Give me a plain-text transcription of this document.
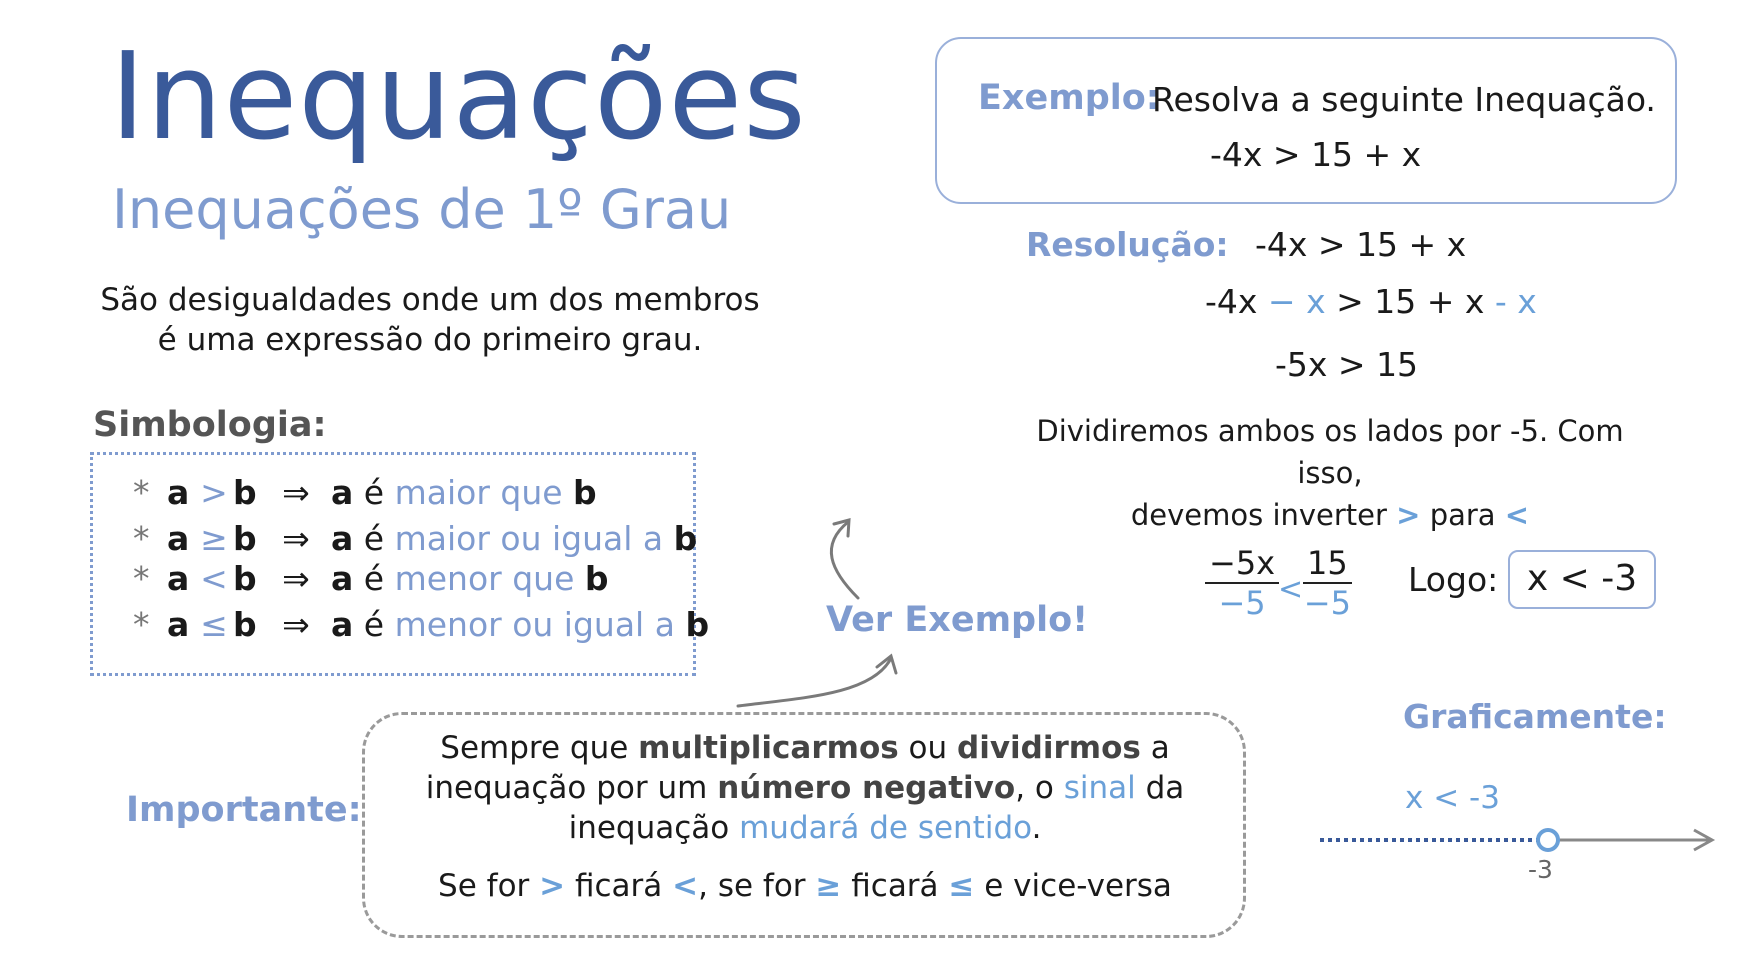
Inequações
Inequações de 1º Grau
São desigualdades onde um dos membros
é uma expressão do primeiro grau.
Simbologia:
* a > b ⇒ a é maior que b
* a ≥ b ⇒ a é maior ou igual a b
* a < b ⇒ a é menor que b
* a ≤ b ⇒ a é menor ou igual a b
Exemplo:
Resolva a seguinte Inequação.
-4x > 15 + x
Resolução: -4x > 15 + x
-4x − x > 15 + x - x
-5x > 15
Dividiremos ambos os lados por -5. Com isso,
devemos inverter > para <
$\frac{-5x}{-5}$
< $\frac{15}{-5}$ Logo: x < -3
Ver Exemplo!
Graficamente:
x < -3
-3
Importante:
Sempre que multiplicarmos ou dividirmos a
inequação por um número negativo, o sinal da
inequação mudará de sentido.
Se for > ficará <, se for ≥ ficará ≤ e vice-versa
